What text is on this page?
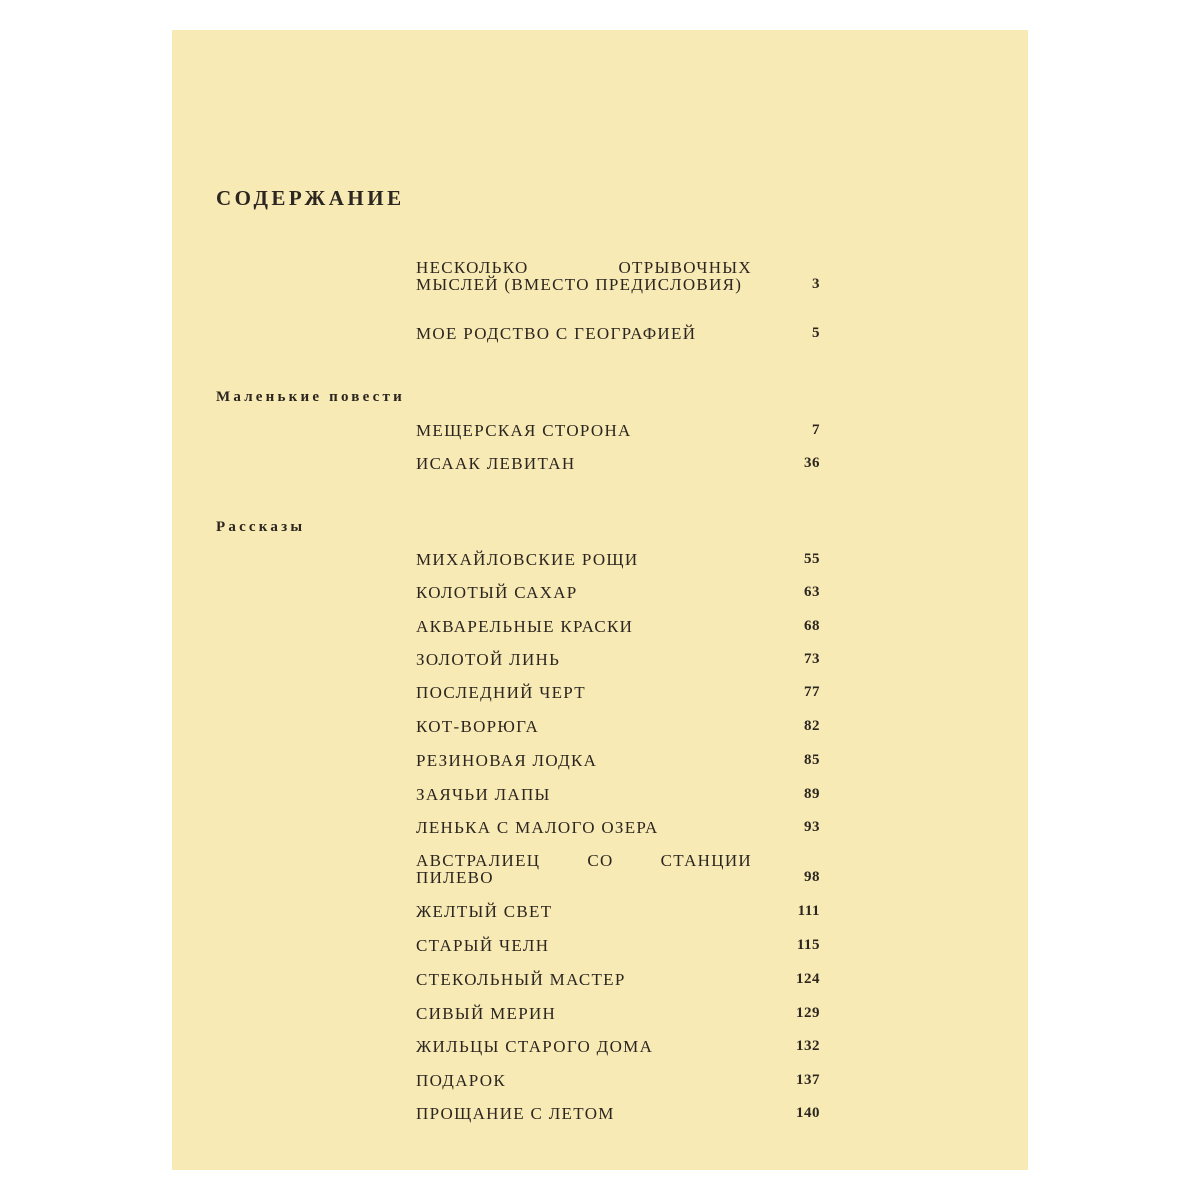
СОДЕРЖАНИЕ
НЕСКОЛЬКО ОТРЫВОЧНЫХ МЫСЛЕЙ (ВМЕСТО ПРЕДИСЛОВИЯ)	3
МОЕ РОДСТВО С ГЕОГРАФИЕЙ	5
Маленькие повести
МЕЩЕРСКАЯ СТОРОНА	7
ИСААК ЛЕВИТАН	36
Рассказы
МИХАЙЛОВСКИЕ РОЩИ	55
КОЛОТЫЙ САХАР	63
АКВАРЕЛЬНЫЕ КРАСКИ	68
ЗОЛОТОЙ ЛИНЬ	73
ПОСЛЕДНИЙ ЧЕРТ	77
КОТ-ВОРЮГА	82
РЕЗИНОВАЯ ЛОДКА	85
ЗАЯЧЬИ ЛАПЫ	89
ЛЕНЬКА С МАЛОГО ОЗЕРА	93
АВСТРАЛИЕЦ СО СТАНЦИИ ПИЛЕВО	98
ЖЕЛТЫЙ СВЕТ	111
СТАРЫЙ ЧЕЛН	115
СТЕКОЛЬНЫЙ МАСТЕР	124
СИВЫЙ МЕРИН	129
ЖИЛЬЦЫ СТАРОГО ДОМА	132
ПОДАРОК	137
ПРОЩАНИЕ С ЛЕТОМ	140
